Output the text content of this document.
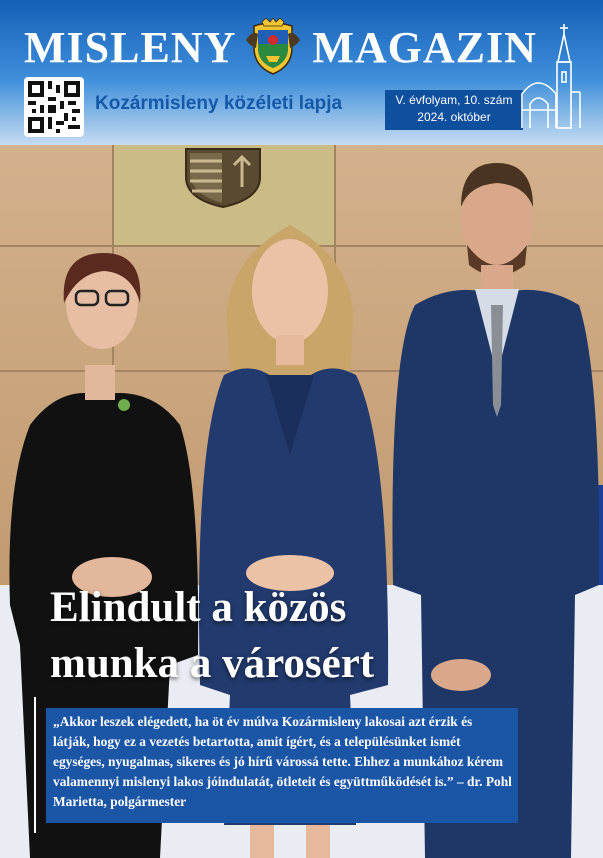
MISLENY MAGAZIN
Kozármisleny közéleti lapja	V. évfolyam, 10. szám
2024. október
Elindult a közös
munka a városért
„Akkor leszek elégedett, ha öt év múlva Kozármisleny lakosai azt érzik és látják, hogy ez a vezetés betartotta, amit ígért, és a településünket ismét egységes, nyugalmas, sikeres és jó hírű várossá tette. Ehhez a munkához kérem valamennyi mislenyi lakos jóindulatát, ötleteit és együttműködését is.” – dr. Pohl Marietta, polgármester
